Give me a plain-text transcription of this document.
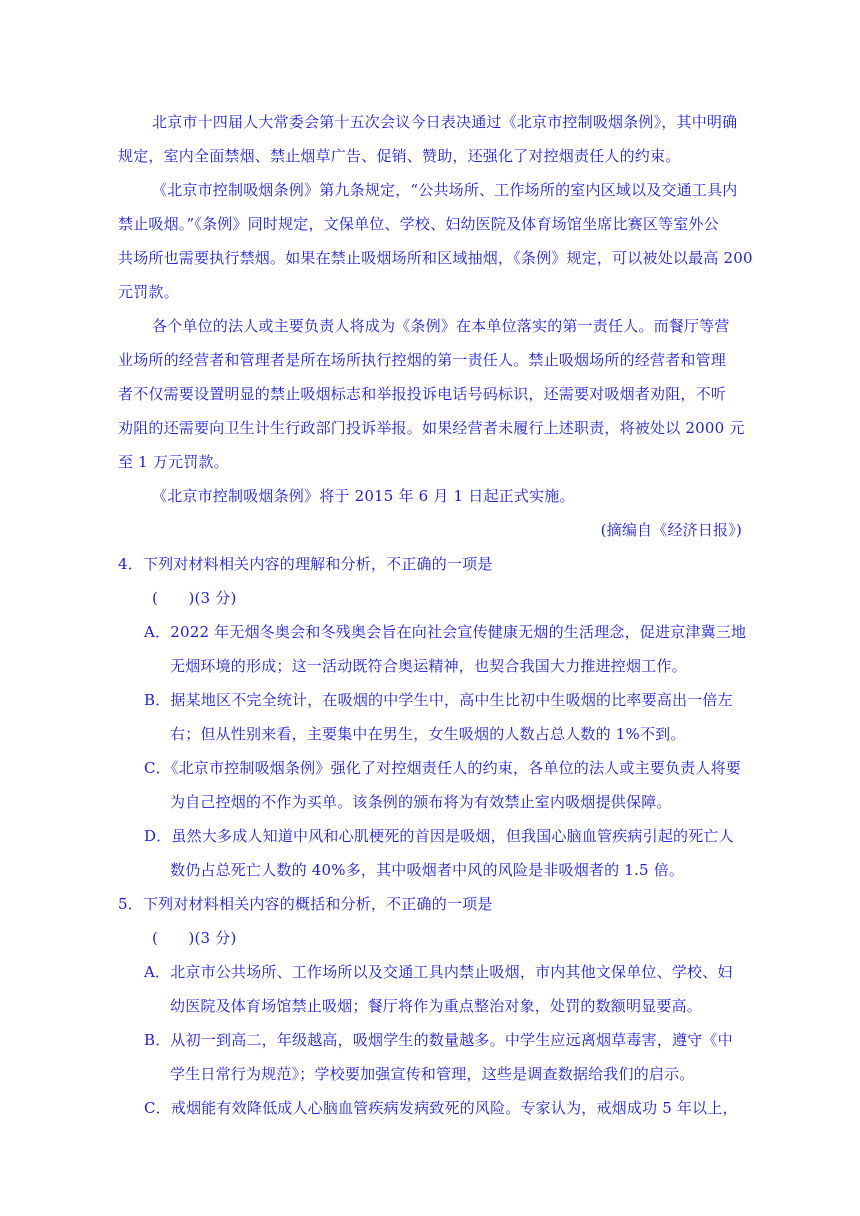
北京市十四届人大常委会第十五次会议今日表决通过《北京市控制吸烟条例》，其中明确
规定，室内全面禁烟、禁止烟草广告、促销、赞助，还强化了对控烟责任人的约束。
《北京市控制吸烟条例》第九条规定，“公共场所、工作场所的室内区域以及交通工具内
禁止吸烟。”《条例》同时规定，文保单位、学校、妇幼医院及体育场馆坐席比赛区等室外公
共场所也需要执行禁烟。如果在禁止吸烟场所和区域抽烟，《条例》规定，可以被处以最高 200
元罚款。
各个单位的法人或主要负责人将成为《条例》在本单位落实的第一责任人。而餐厅等营
业场所的经营者和管理者是所在场所执行控烟的第一责任人。禁止吸烟场所的经营者和管理
者不仅需要设置明显的禁止吸烟标志和举报投诉电话号码标识，还需要对吸烟者劝阻，不听
劝阻的还需要向卫生计生行政部门投诉举报。如果经营者未履行上述职责，将被处以 2000 元
至 1 万元罚款。
《北京市控制吸烟条例》将于 2015 年 6 月 1 日起正式实施。
(摘编自《经济日报》)
4．下列对材料相关内容的理解和分析，不正确的一项是
(　　)(3 分)
A．2022 年无烟冬奥会和冬残奥会旨在向社会宣传健康无烟的生活理念，促进京津冀三地
无烟环境的形成；这一活动既符合奥运精神，也契合我国大力推进控烟工作。
B．据某地区不完全统计，在吸烟的中学生中，高中生比初中生吸烟的比率要高出一倍左
右；但从性别来看，主要集中在男生，女生吸烟的人数占总人数的 1%不到。
C．《北京市控制吸烟条例》强化了对控烟责任人的约束，各单位的法人或主要负责人将要
为自己控烟的不作为买单。该条例的颁布将为有效禁止室内吸烟提供保障。
D．虽然大多成人知道中风和心肌梗死的首因是吸烟，但我国心脑血管疾病引起的死亡人
数仍占总死亡人数的 40%多，其中吸烟者中风的风险是非吸烟者的 1.5 倍。
5．下列对材料相关内容的概括和分析，不正确的一项是
(　　)(3 分)
A．北京市公共场所、工作场所以及交通工具内禁止吸烟，市内其他文保单位、学校、妇
幼医院及体育场馆禁止吸烟；餐厅将作为重点整治对象，处罚的数额明显要高。
B．从初一到高二，年级越高，吸烟学生的数量越多。中学生应远离烟草毒害，遵守《中
学生日常行为规范》；学校要加强宣传和管理，这些是调查数据给我们的启示。
C．戒烟能有效降低成人心脑血管疾病发病致死的风险。专家认为，戒烟成功 5 年以上，
